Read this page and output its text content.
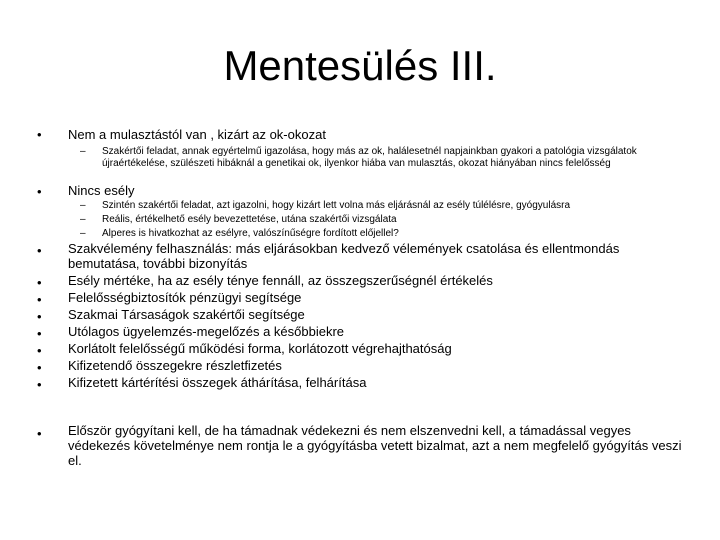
Mentesülés III.
• Nem a mulasztástól van , kizárt az ok-okozat
– Szakértői feladat, annak egyértelmű igazolása, hogy más az ok, halálesetnél napjainkban gyakori a patológia vizsgálatok újraértékelése, szülészeti hibáknál a genetikai ok, ilyenkor hiába van mulasztás, okozat hiányában nincs felelősség
• Nincs esély
– Szintén szakértői feladat, azt igazolni, hogy kizárt lett volna más eljárásnál az esély túlélésre, gyógyulásra
– Reális, értékelhető esély bevezettetése, utána szakértői vizsgálata
– Alperes is hivatkozhat az esélyre, valószínűségre fordított előjellel?
• Szakvélemény felhasználás: más eljárásokban kedvező vélemények csatolása és ellentmondás bemutatása, további bizonyítás
• Esély mértéke, ha az esély ténye fennáll, az összegszerűségnél értékelés
• Felelősségbiztosítók pénzügyi segítsége
• Szakmai Társaságok szakértői segítsége
• Utólagos ügyelemzés-megelőzés a későbbiekre
• Korlátolt felelősségű működési forma, korlátozott végrehajthatóság
• Kifizetendő összegekre részletfizetés
• Kifizetett kártérítési összegek áthárítása, felhárítása
• Először gyógyítani kell, de ha támadnak védekezni és nem elszenvedni kell, a támadással vegyes védekezés követelménye nem rontja le a gyógyításba vetett bizalmat, azt a nem megfelelő gyógyítás veszi el.
